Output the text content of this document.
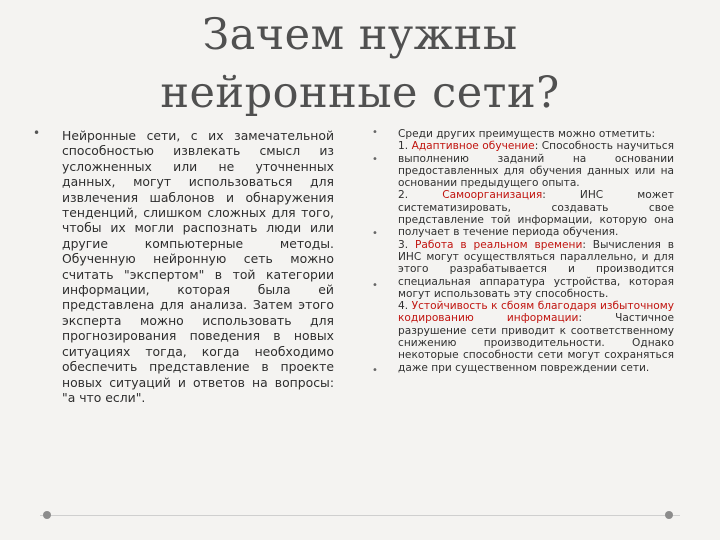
Зачем нужны
нейронные сети?
• Нейронные сети, с их замечательной способностью извлекать смысл из усложненных или не уточненных данных, могут использоваться для извлечения шаблонов и обнаружения тенденций, слишком сложных для того, чтобы их могли распознать люди или другие компьютерные методы. Обученную нейронную сеть можно считать "экспертом" в той категории информации, которая была ей представлена для анализа. Затем этого эксперта можно использовать для прогнозирования поведения в новых ситуациях тогда, когда необходимо обеспечить представление в проекте новых ситуаций и ответов на вопросы: "а что если".
•
•
•
•
•

Среди других преимуществ можно отметить:

1. Адаптивное обучение: Способность научиться выполнению заданий на основании предоставленных для обучения данных или на основании предыдущего опыта.

2.	Самоорганизация: ИНС может систематизировать, создавать свое представление той информации, которую она получает в течение периода обучения.

3. Работа в реальном времени: Вычисления в ИНС могут осуществляться параллельно, и для этого разрабатывается и производится специальная аппаратура устройства, которая могут использовать эту способность.

4. Устойчивость к сбоям благодаря избыточному кодированию информации: Частичное разрушение сети приводит к соответственному снижению производительности. Однако некоторые способности сети могут сохраняться даже при существенном повреждении сети.
